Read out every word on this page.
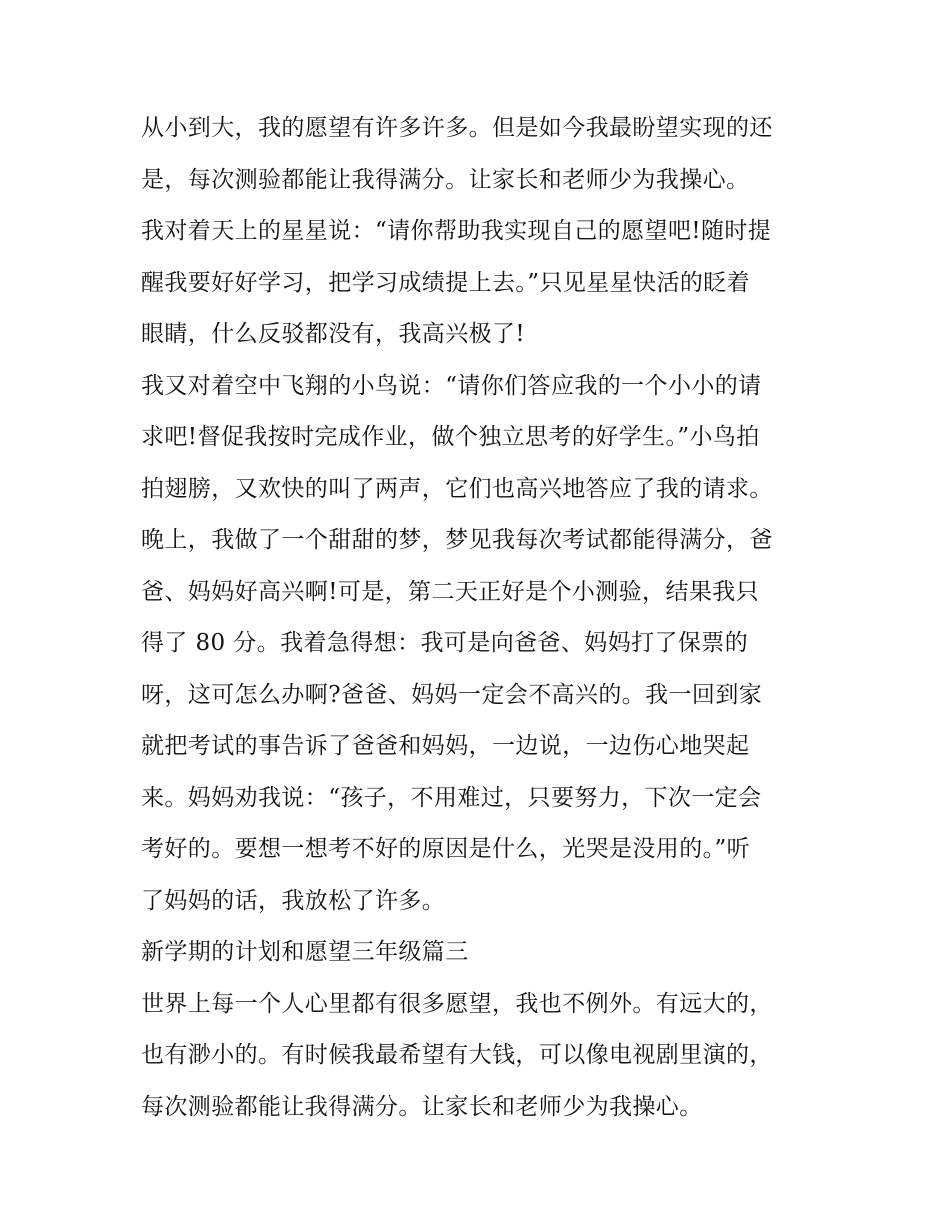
从小到大，我的愿望有许多许多。但是如今我最盼望实现的还
是，每次测验都能让我得满分。让家长和老师少为我操心。
我对着天上的星星说：“请你帮助我实现自己的愿望吧!随时提
醒我要好好学习，把学习成绩提上去。”只见星星快活的眨着
眼睛，什么反驳都没有，我高兴极了!
我又对着空中飞翔的小鸟说：“请你们答应我的一个小小的请
求吧!督促我按时完成作业，做个独立思考的好学生。”小鸟拍
拍翅膀，又欢快的叫了两声，它们也高兴地答应了我的请求。
晚上，我做了一个甜甜的梦，梦见我每次考试都能得满分，爸
爸、妈妈好高兴啊!可是，第二天正好是个小测验，结果我只
得了 80 分。我着急得想：我可是向爸爸、妈妈打了保票的
呀，这可怎么办啊?爸爸、妈妈一定会不高兴的。我一回到家
就把考试的事告诉了爸爸和妈妈，一边说，一边伤心地哭起
来。妈妈劝我说：“孩子，不用难过，只要努力，下次一定会
考好的。要想一想考不好的原因是什么，光哭是没用的。”听
了妈妈的话，我放松了许多。
新学期的计划和愿望三年级篇三
世界上每一个人心里都有很多愿望，我也不例外。有远大的，
也有渺小的。有时候我最希望有大钱，可以像电视剧里演的，
每次测验都能让我得满分。让家长和老师少为我操心。
